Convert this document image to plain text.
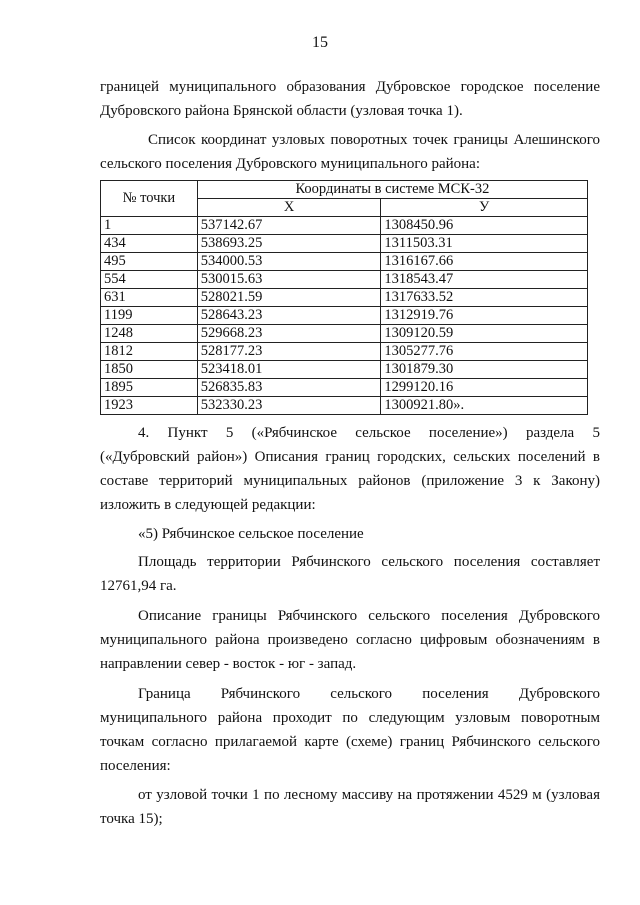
15

границей муниципального образования Дубровское городское поселение

Дубровского района Брянской области (узловая точка 1).

Список координат узловых поворотных точек границы Алешинского

сельского поселения Дубровского муниципального района:

№ точки	Координаты в системе МСК-32	
	Х	У
1	537142.67	1308450.96
434	538693.25	1311503.31
495	534000.53	1316167.66
554	530015.63	1318543.47
631	528021.59	1317633.52
1199	528643.23	1312919.76
1248	529668.23	1309120.59
1812	528177.23	1305277.76
1850	523418.01	1301879.30
1895	526835.83	1299120.16
1923	532330.23	1300921.80».

4. Пункт 5 («Рябчинское сельское поселение») раздела 5

(«Дубровский район») Описания границ городских, сельских поселений в

составе территорий муниципальных районов (приложение 3 к Закону)

изложить в следующей редакции:

«5) Рябчинское сельское поселение

Площадь территории Рябчинского сельского поселения составляет

12761,94 га.

Описание границы Рябчинского сельского поселения Дубровского

муниципального района произведено согласно цифровым обозначениям в

направлении север - восток - юг - запад.

Граница Рябчинского сельского поселения Дубровского

муниципального района проходит по следующим узловым поворотным

точкам согласно прилагаемой карте (схеме) границ Рябчинского сельского

поселения:

от узловой точки 1 по лесному массиву на протяжении 4529 м (узловая

точка 15);
